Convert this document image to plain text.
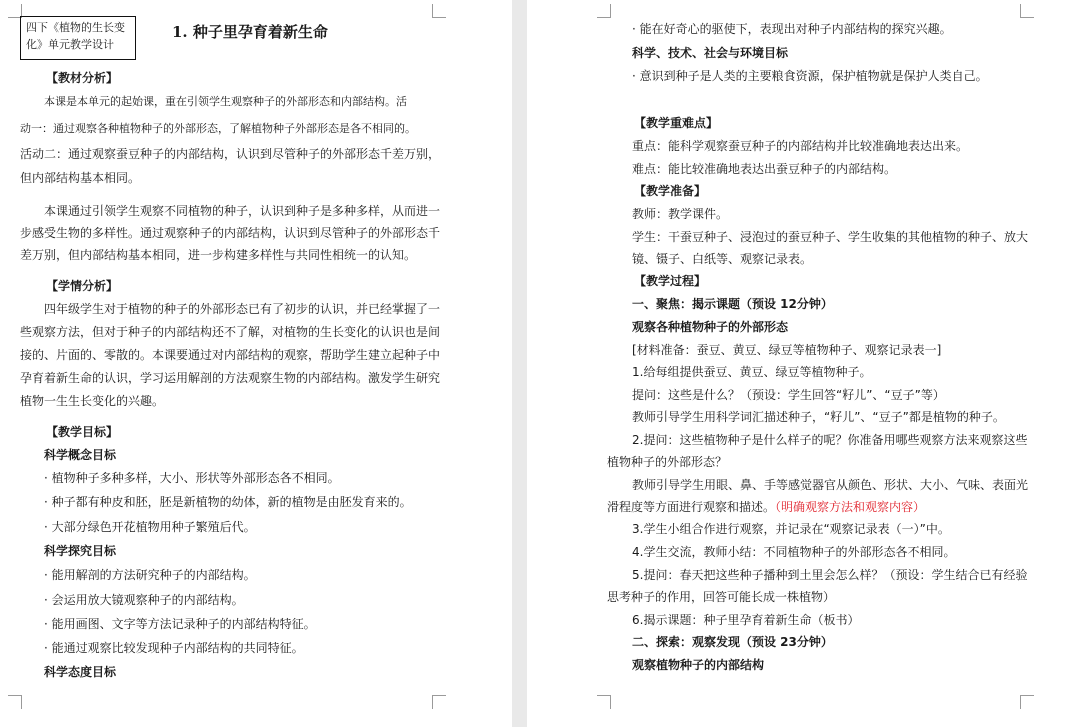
四下《植物的生长变
化》单元教学设计
1. 种子里孕育着新生命
【教材分析】
本课是本单元的起始课，重在引领学生观察种子的外部形态和内部结构。活
动一：通过观察各种植物种子的外部形态，了解植物种子外部形态是各不相同的。
活动二：通过观察蚕豆种子的内部结构，认识到尽管种子的外部形态千差万别，
但内部结构基本相同。
本课通过引领学生观察不同植物的种子，认识到种子是多种多样，从而进一
步感受生物的多样性。通过观察种子的内部结构，认识到尽管种子的外部形态千
差万别，但内部结构基本相同，进一步构建多样性与共同性相统一的认知。
【学情分析】
四年级学生对于植物的种子的外部形态已有了初步的认识，并已经掌握了一
些观察方法，但对于种子的内部结构还不了解，对植物的生长变化的认识也是间
接的、片面的、零散的。本课要通过对内部结构的观察，帮助学生建立起种子中
孕育着新生命的认识，学习运用解剖的方法观察生物的内部结构。激发学生研究
植物一生生长变化的兴趣。
【教学目标】
科学概念目标
· 植物种子多种多样，大小、形状等外部形态各不相同。
· 种子都有种皮和胚，胚是新植物的幼体，新的植物是由胚发育来的。
· 大部分绿色开花植物用种子繁殖后代。
科学探究目标
· 能用解剖的方法研究种子的内部结构。
· 会运用放大镜观察种子的内部结构。
· 能用画图、文字等方法记录种子的内部结构特征。
· 能通过观察比较发现种子内部结构的共同特征。
科学态度目标
· 能在好奇心的驱使下，表现出对种子内部结构的探究兴趣。
科学、技术、社会与环境目标
· 意识到种子是人类的主要粮食资源，保护植物就是保护人类自己。
【教学重难点】
重点：能科学观察蚕豆种子的内部结构并比较准确地表达出来。
难点：能比较准确地表达出蚕豆种子的内部结构。
【教学准备】
教师：教学课件。
学生：干蚕豆种子、浸泡过的蚕豆种子、学生收集的其他植物的种子、放大
镜、镊子、白纸等、观察记录表。
【教学过程】
一、聚焦：揭示课题（预设 12分钟）
观察各种植物种子的外部形态
[材料准备：蚕豆、黄豆、绿豆等植物种子、观察记录表一]
1.给每组提供蚕豆、黄豆、绿豆等植物种子。
提问：这些是什么？（预设：学生回答“籽儿”、“豆子”等）
教师引导学生用科学词汇描述种子，“籽儿”、“豆子”都是植物的种子。
2.提问：这些植物种子是什么样子的呢？你准备用哪些观察方法来观察这些
植物种子的外部形态？
教师引导学生用眼、鼻、手等感觉器官从颜色、形状、大小、气味、表面光
滑程度等方面进行观察和描述。（明确观察方法和观察内容）
3.学生小组合作进行观察，并记录在“观察记录表（一）”中。
4.学生交流，教师小结：不同植物种子的外部形态各不相同。
5.提问：春天把这些种子播种到土里会怎么样？（预设：学生结合已有经验
思考种子的作用，回答可能长成一株植物）
6.揭示课题：种子里孕育着新生命（板书）
二、探索：观察发现（预设 23分钟）
观察植物种子的内部结构
